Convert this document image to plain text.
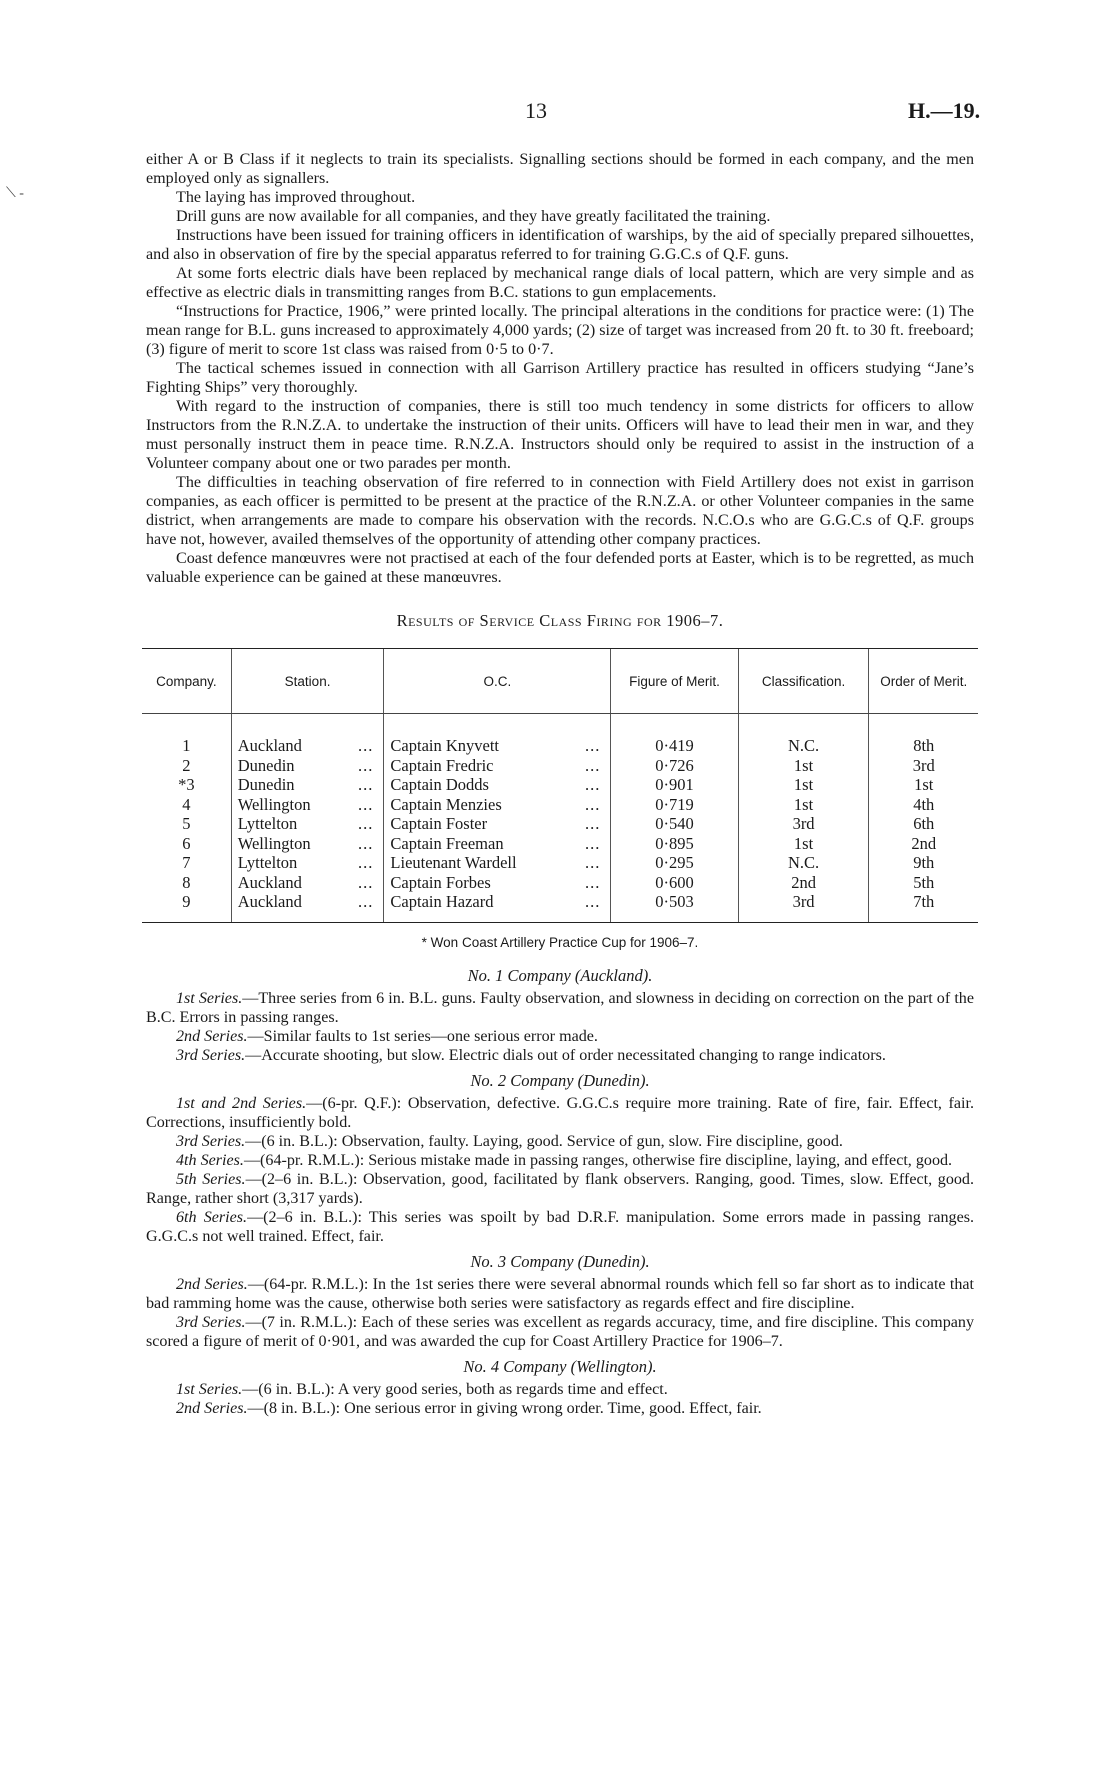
⟍ -
13	H.—19.

either A or B Class if it neglects to train its specialists. Signalling sections should be formed in each company, and the men employed only as signallers.

The laying has improved throughout.

Drill guns are now available for all companies, and they have greatly facilitated the training.

Instructions have been issued for training officers in identification of warships, by the aid of specially prepared silhouettes, and also in observation of fire by the special apparatus referred to for training G.G.C.s of Q.F. guns.

At some forts electric dials have been replaced by mechanical range dials of local pattern, which are very simple and as effective as electric dials in transmitting ranges from B.C. stations to gun emplacements.

“Instructions for Practice, 1906,” were printed locally. The principal alterations in the conditions for practice were: (1) The mean range for B.L. guns increased to approximately 4,000 yards; (2) size of target was increased from 20 ft. to 30 ft. freeboard; (3) figure of merit to score 1st class was raised from 0·5 to 0·7.

The tactical schemes issued in connection with all Garrison Artillery practice has resulted in officers studying “Jane’s Fighting Ships” very thoroughly.

With regard to the instruction of companies, there is still too much tendency in some districts for officers to allow Instructors from the R.N.Z.A. to undertake the instruction of their units. Officers will have to lead their men in war, and they must personally instruct them in peace time. R.N.Z.A. Instructors should only be required to assist in the instruction of a Volunteer company about one or two parades per month.

The difficulties in teaching observation of fire referred to in connection with Field Artillery does not exist in garrison companies, as each officer is permitted to be present at the practice of the R.N.Z.A. or other Volunteer companies in the same district, when arrangements are made to compare his observation with the records. N.C.O.s who are G.G.C.s of Q.F. groups have not, however, availed themselves of the opportunity of attending other company practices.

Coast defence manœuvres were not practised at each of the four defended ports at Easter, which is to be regretted, as much valuable experience can be gained at these manœuvres.

Results of Service Class Firing for 1906–7.
Company.	Station.	O.C.	Figure of Merit.	Classification.	Order of Merit.

1	Auckland ...	Captain Knyvett ...	0·419	N.C.	8th
2	Dunedin ...	Captain Fredric ...	0·726	1st	3rd
*3	Dunedin ...	Captain Dodds ...	0·901	1st	1st
4	Wellington ...	Captain Menzies ...	0·719	1st	4th
5	Lyttelton ...	Captain Foster ...	0·540	3rd	6th
6	Wellington ...	Captain Freeman ...	0·895	1st	2nd
7	Lyttelton ...	Lieutenant Wardell ...	0·295	N.C.	9th
8	Auckland ...	Captain Forbes ...	0·600	2nd	5th
9	Auckland ...	Captain Hazard ...	0·503	3rd	7th

* Won Coast Artillery Practice Cup for 1906–7.
No. 1 Company (Auckland).

1st Series.—Three series from 6 in. B.L. guns. Faulty observation, and slowness in deciding on correction on the part of the B.C. Errors in passing ranges.

2nd Series.—Similar faults to 1st series—one serious error made.

3rd Series.—Accurate shooting, but slow. Electric dials out of order necessitated changing to range indicators.

No. 2 Company (Dunedin).

1st and 2nd Series.—(6-pr. Q.F.): Observation, defective. G.G.C.s require more training. Rate of fire, fair. Effect, fair. Corrections, insufficiently bold.

3rd Series.—(6 in. B.L.): Observation, faulty. Laying, good. Service of gun, slow. Fire discipline, good.

4th Series.—(64-pr. R.M.L.): Serious mistake made in passing ranges, otherwise fire discipline, laying, and effect, good.

5th Series.—(2–6 in. B.L.): Observation, good, facilitated by flank observers. Ranging, good. Times, slow. Effect, good. Range, rather short (3,317 yards).

6th Series.—(2–6 in. B.L.): This series was spoilt by bad D.R.F. manipulation. Some errors made in passing ranges. G.G.C.s not well trained. Effect, fair.

No. 3 Company (Dunedin).

2nd Series.—(64-pr. R.M.L.): In the 1st series there were several abnormal rounds which fell so far short as to indicate that bad ramming home was the cause, otherwise both series were satisfactory as regards effect and fire discipline.

3rd Series.—(7 in. R.M.L.): Each of these series was excellent as regards accuracy, time, and fire discipline. This company scored a figure of merit of 0·901, and was awarded the cup for Coast Artillery Practice for 1906–7.

No. 4 Company (Wellington).

1st Series.—(6 in. B.L.): A very good series, both as regards time and effect.

2nd Series.—(8 in. B.L.): One serious error in giving wrong order. Time, good. Effect, fair.
